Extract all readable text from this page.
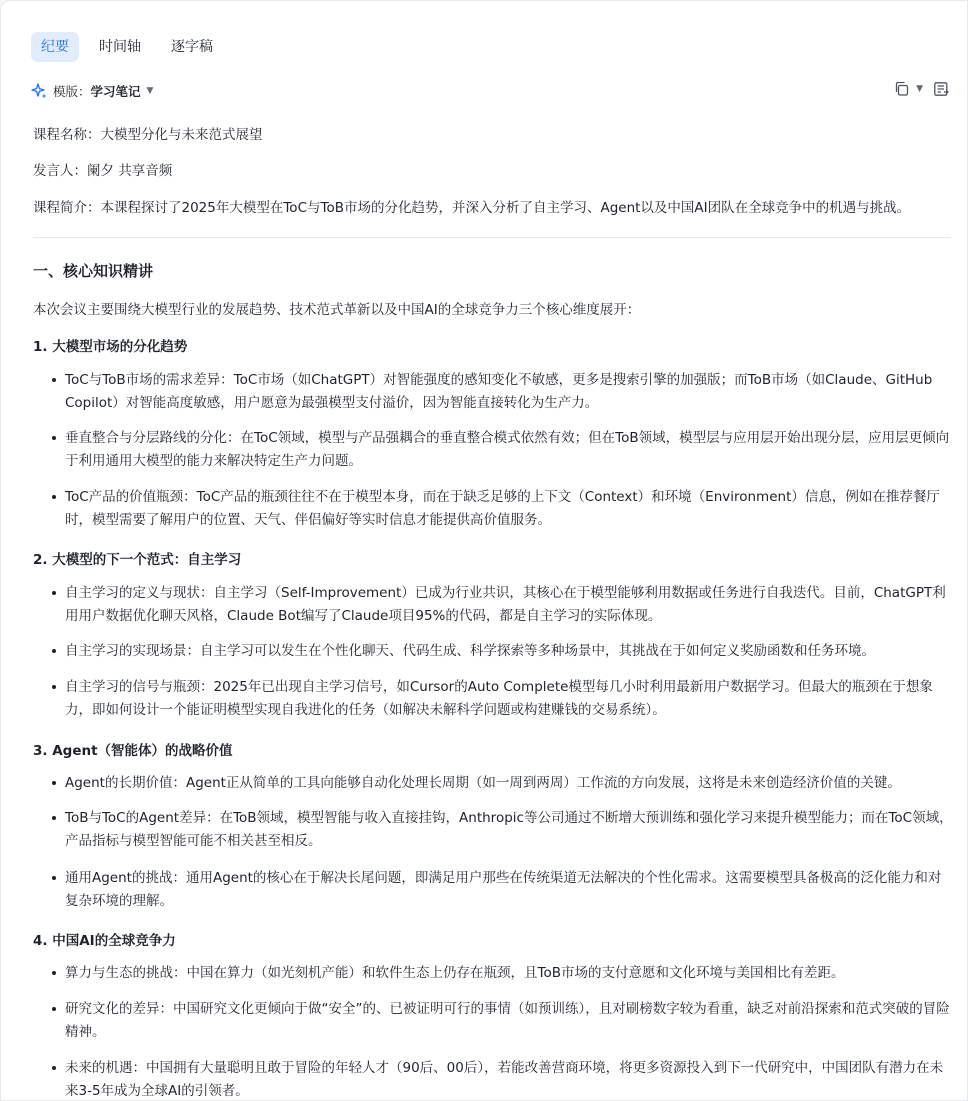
纪要	时间轴	逐字稿
模版： 学习笔记 ▼	▼
课程名称：大模型分化与未来范式展望
发言人：阑夕 共享音频
课程简介：本课程探讨了2025年大模型在ToC与ToB市场的分化趋势，并深入分析了自主学习、Agent以及中国AI团队在全球竞争中的机遇与挑战。
一、核心知识精讲
本次会议主要围绕大模型行业的发展趋势、技术范式革新以及中国AI的全球竞争力三个核心维度展开：
1. 大模型市场的分化趋势
ToC与ToB市场的需求差异：ToC市场（如ChatGPT）对智能强度的感知变化不敏感，更多是搜索引擎的加强版；而ToB市场（如Claude、GitHub Copilot）对智能高度敏感，用户愿意为最强模型支付溢价，因为智能直接转化为生产力。
垂直整合与分层路线的分化：在ToC领域，模型与产品强耦合的垂直整合模式依然有效；但在ToB领域，模型层与应用层开始出现分层，应用层更倾向于利用通用大模型的能力来解决特定生产力问题。
ToC产品的价值瓶颈：ToC产品的瓶颈往往不在于模型本身，而在于缺乏足够的上下文（Context）和环境（Environment）信息，例如在推荐餐厅时，模型需要了解用户的位置、天气、伴侣偏好等实时信息才能提供高价值服务。
2. 大模型的下一个范式：自主学习
自主学习的定义与现状：自主学习（Self-Improvement）已成为行业共识，其核心在于模型能够利用数据或任务进行自我迭代。目前，ChatGPT利用用户数据优化聊天风格，Claude Bot编写了Claude项目95%的代码，都是自主学习的实际体现。
自主学习的实现场景：自主学习可以发生在个性化聊天、代码生成、科学探索等多种场景中，其挑战在于如何定义奖励函数和任务环境。
自主学习的信号与瓶颈：2025年已出现自主学习信号，如Cursor的Auto Complete模型每几小时利用最新用户数据学习。但最大的瓶颈在于想象力，即如何设计一个能证明模型实现自我进化的任务（如解决未解科学问题或构建赚钱的交易系统）。
3. Agent（智能体）的战略价值
Agent的长期价值：Agent正从简单的工具向能够自动化处理长周期（如一周到两周）工作流的方向发展，这将是未来创造经济价值的关键。
ToB与ToC的Agent差异：在ToB领域，模型智能与收入直接挂钩，Anthropic等公司通过不断增大预训练和强化学习来提升模型能力；而在ToC领域，产品指标与模型智能可能不相关甚至相反。
通用Agent的挑战：通用Agent的核心在于解决长尾问题，即满足用户那些在传统渠道无法解决的个性化需求。这需要模型具备极高的泛化能力和对复杂环境的理解。
4. 中国AI的全球竞争力
算力与生态的挑战：中国在算力（如光刻机产能）和软件生态上仍存在瓶颈，且ToB市场的支付意愿和文化环境与美国相比有差距。
研究文化的差异：中国研究文化更倾向于做“安全”的、已被证明可行的事情（如预训练），且对刷榜数字较为看重，缺乏对前沿探索和范式突破的冒险精神。
未来的机遇：中国拥有大量聪明且敢于冒险的年轻人才（90后、00后），若能改善营商环境，将更多资源投入到下一代研究中，中国团队有潜力在未来3-5年成为全球AI的引领者。
